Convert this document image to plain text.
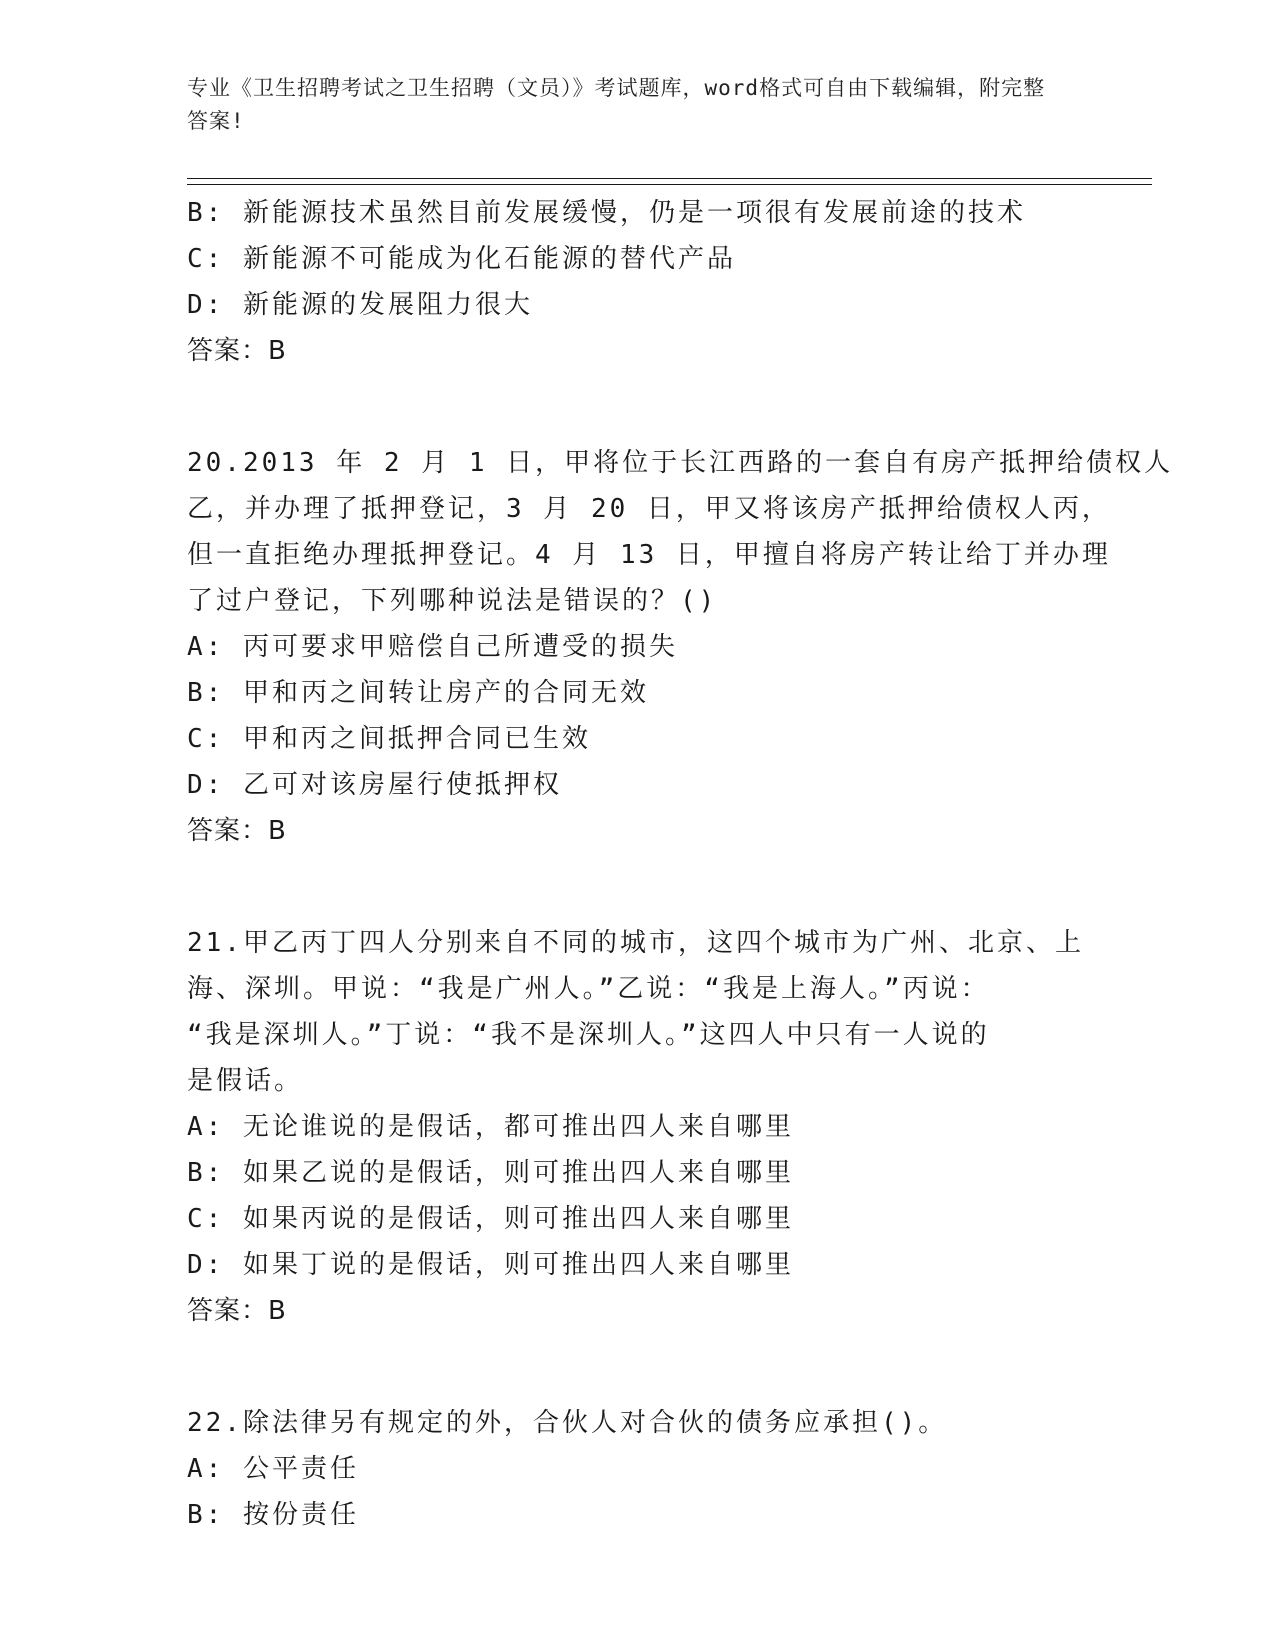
专业《卫生招聘考试之卫生招聘（文员）》考试题库，word格式可自由下载编辑，附完整答案!
B: 新能源技术虽然目前发展缓慢，仍是一项很有发展前途的技术
C: 新能源不可能成为化石能源的替代产品
D: 新能源的发展阻力很大
答案：B
20.2013 年 2 月 1 日，甲将位于长江西路的一套自有房产抵押给债权人
乙，并办理了抵押登记，3 月 20 日，甲又将该房产抵押给债权人丙，
但一直拒绝办理抵押登记。4 月 13 日，甲擅自将房产转让给丁并办理
了过户登记，下列哪种说法是错误的？()
A: 丙可要求甲赔偿自己所遭受的损失
B: 甲和丙之间转让房产的合同无效
C: 甲和丙之间抵押合同已生效
D: 乙可对该房屋行使抵押权
答案：B
21.甲乙丙丁四人分别来自不同的城市，这四个城市为广州、北京、上
海、深圳。甲说：“我是广州人。”乙说：“我是上海人。”丙说：
“我是深圳人。”丁说：“我不是深圳人。”这四人中只有一人说的
是假话。
A: 无论谁说的是假话，都可推出四人来自哪里
B: 如果乙说的是假话，则可推出四人来自哪里
C: 如果丙说的是假话，则可推出四人来自哪里
D: 如果丁说的是假话，则可推出四人来自哪里
答案：B
22.除法律另有规定的外，合伙人对合伙的债务应承担()。
A: 公平责任
B: 按份责任
